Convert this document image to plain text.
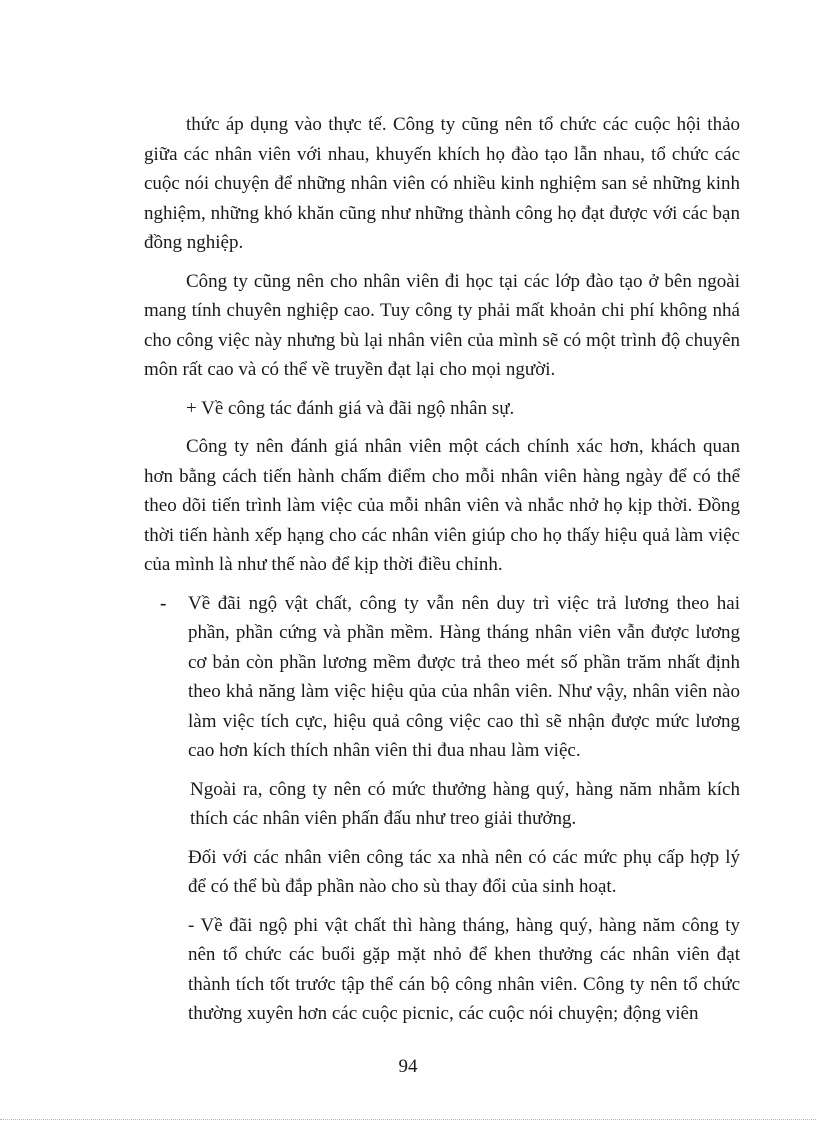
thức áp dụng vào thực tế. Công ty cũng nên tổ chức các cuộc hội thảo giữa các nhân viên với nhau, khuyến khích họ đào tạo lẫn nhau, tổ chức các cuộc nói chuyện để những nhân viên có nhiều kinh nghiệm san sẻ những kinh nghiệm, những khó khăn cũng như những thành công họ đạt được với các bạn đồng nghiệp.

Công ty cũng nên cho nhân viên đi học tại các lớp đào tạo ở bên ngoài mang tính chuyên nghiệp cao. Tuy công ty phải mất khoản chi phí không nhá cho công việc này nhưng bù lại nhân viên của mình sẽ có một trình độ chuyên môn rất cao và có thể về truyền đạt lại cho mọi người.

+ Về công tác đánh giá và đãi ngộ nhân sự.

Công ty nên đánh giá nhân viên một cách chính xác hơn, khách quan hơn bằng cách tiến hành chấm điểm cho mỗi nhân viên hàng ngày để có thể theo dõi tiến trình làm việc của mỗi nhân viên và nhắc nhở họ kịp thời. Đồng thời tiến hành xếp hạng cho các nhân viên giúp cho họ thấy hiệu quả làm việc của mình là như thế nào để kịp thời điều chỉnh.

- Về đãi ngộ vật chất, công ty vẫn nên duy trì việc trả lương theo hai phần, phần cứng và phần mềm. Hàng tháng nhân viên vẫn được lương cơ bản còn phần lương mềm được trả theo mét số phần trăm nhất định theo khả năng làm việc hiệu qủa của nhân viên. Như vậy, nhân viên nào làm việc tích cực, hiệu quả công việc cao thì sẽ nhận được mức lương cao hơn kích thích nhân viên thi đua nhau làm việc.

Ngoài ra, công ty nên có mức thưởng hàng quý, hàng năm nhằm kích thích các nhân viên phấn đấu như treo giải thưởng.

Đối với các nhân viên công tác xa nhà nên có các mức phụ cấp hợp lý để có thể bù đắp phần nào cho sù thay đổi của sinh hoạt.

- Về đãi ngộ phi vật chất thì hàng tháng, hàng quý, hàng năm công ty nên tổ chức các buổi gặp mặt nhỏ để khen thưởng các nhân viên đạt thành tích tốt trước tập thể cán bộ công nhân viên. Công ty nên tổ chức thường xuyên hơn các cuộc picnic, các cuộc nói chuyện; động viên

94
